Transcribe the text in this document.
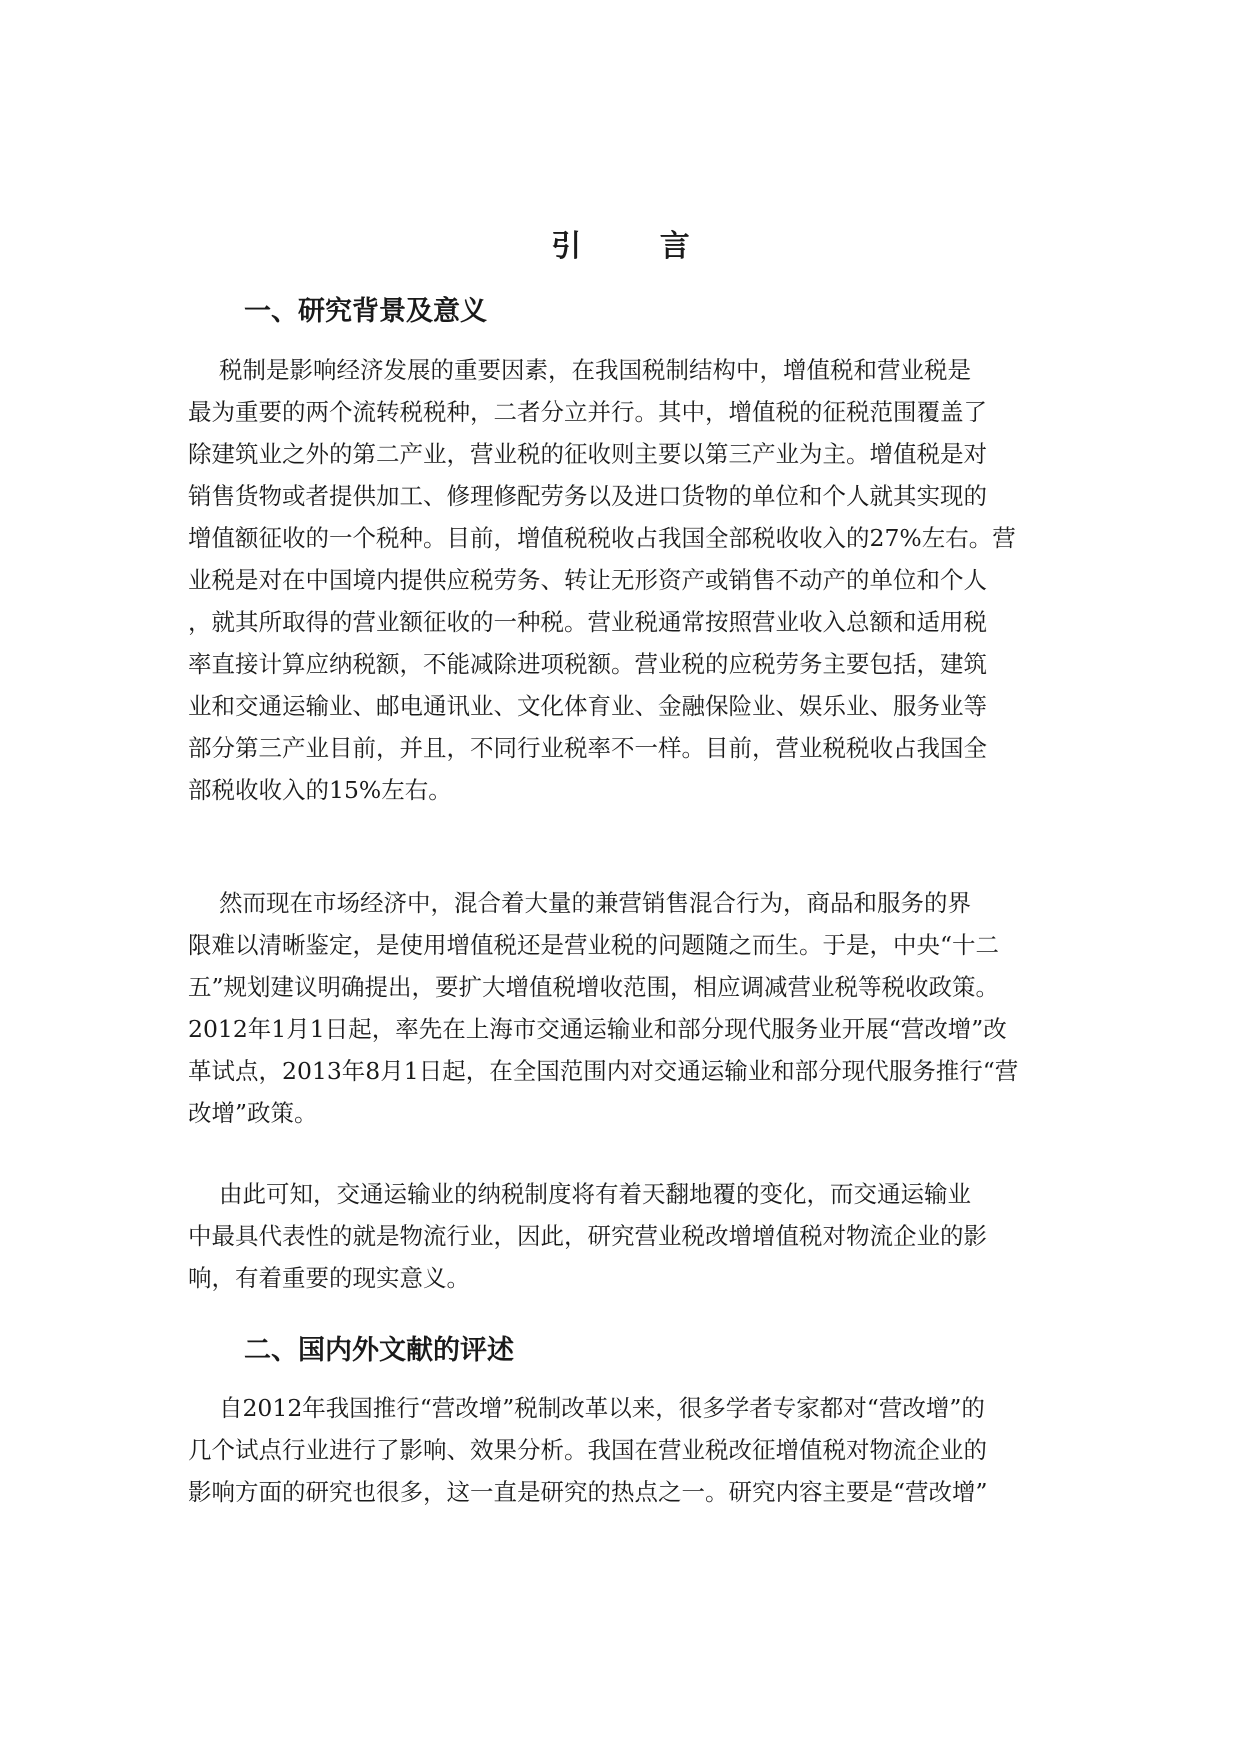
引 言
一、研究背景及意义

　 税制是影响经济发展的重要因素，在我国税制结构中，增值税和营业税是
最为重要的两个流转税税种，二者分立并行。其中，增值税的征税范围覆盖了
除建筑业之外的第二产业，营业税的征收则主要以第三产业为主。增值税是对
销售货物或者提供加工、修理修配劳务以及进口货物的单位和个人就其实现的
增值额征收的一个税种。目前，增值税税收占我国全部税收收入的27%左右。营
业税是对在中国境内提供应税劳务、转让无形资产或销售不动产的单位和个人
，就其所取得的营业额征收的一种税。营业税通常按照营业收入总额和适用税
率直接计算应纳税额，不能减除进项税额。营业税的应税劳务主要包括，建筑
业和交通运输业、邮电通讯业、文化体育业、金融保险业、娱乐业、服务业等
部分第三产业目前，并且，不同行业税率不一样。目前，营业税税收占我国全
部税收收入的15%左右。

　 然而现在市场经济中，混合着大量的兼营销售混合行为，商品和服务的界
限难以清晰鉴定，是使用增值税还是营业税的问题随之而生。于是，中央“十二
五”规划建议明确提出，要扩大增值税增收范围，相应调减营业税等税收政策。
2012年1月1日起，率先在上海市交通运输业和部分现代服务业开展“营改增”改
革试点，2013年8月1日起，在全国范围内对交通运输业和部分现代服务推行“营
改增”政策。

　 由此可知，交通运输业的纳税制度将有着天翻地覆的变化，而交通运输业
中最具代表性的就是物流行业，因此，研究营业税改增增值税对物流企业的影
响，有着重要的现实意义。

二、国内外文献的评述

　 自2012年我国推行“营改增”税制改革以来，很多学者专家都对“营改增”的
几个试点行业进行了影响、效果分析。我国在营业税改征增值税对物流企业的
影响方面的研究也很多，这一直是研究的热点之一。研究内容主要是“营改增”
